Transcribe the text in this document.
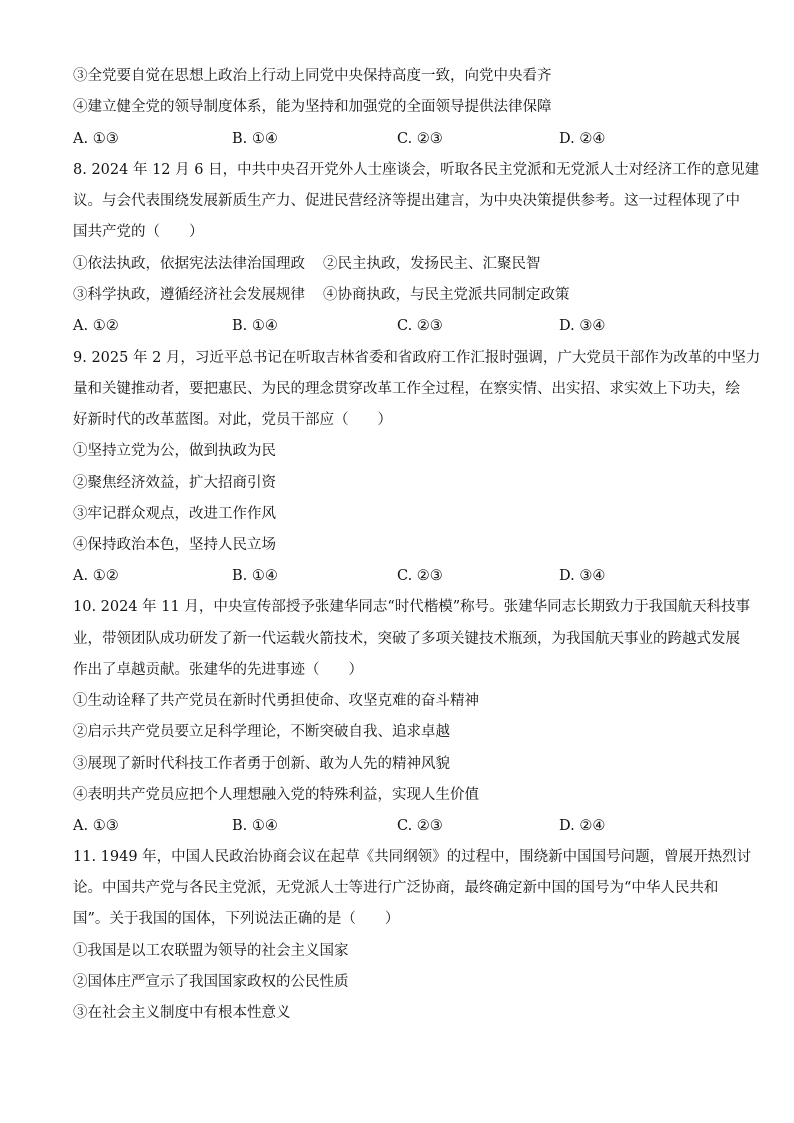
③全党要自觉在思想上政治上行动上同党中央保持高度一致，向党中央看齐
④建立健全党的领导制度体系，能为坚持和加强党的全面领导提供法律保障
A. ①③	B. ①④	C. ②③	D. ②④
8. 2024 年 12 月 6 日，中共中央召开党外人士座谈会，听取各民主党派和无党派人士对经济工作的意见建
议。与会代表围绕发展新质生产力、促进民营经济等提出建言，为中央决策提供参考。这一过程体现了中
国共产党的（　　）
①依法执政，依据宪法法律治国理政 ②民主执政，发扬民主、汇聚民智
③科学执政，遵循经济社会发展规律 ④协商执政，与民主党派共同制定政策
A. ①②	B. ①④	C. ②③	D. ③④
9. 2025 年 2 月，习近平总书记在听取吉林省委和省政府工作汇报时强调，广大党员干部作为改革的中坚力
量和关键推动者，要把惠民、为民的理念贯穿改革工作全过程，在察实情、出实招、求实效上下功夫，绘
好新时代的改革蓝图。对此，党员干部应（　　）
①坚持立党为公，做到执政为民
②聚焦经济效益，扩大招商引资
③牢记群众观点，改进工作作风
④保持政治本色，坚持人民立场
A. ①②	B. ①④	C. ②③	D. ③④
10. 2024 年 11 月，中央宣传部授予张建华同志“时代楷模”称号。张建华同志长期致力于我国航天科技事
业，带领团队成功研发了新一代运载火箭技术，突破了多项关键技术瓶颈，为我国航天事业的跨越式发展
作出了卓越贡献。张建华的先进事迹（　　）
①生动诠释了共产党员在新时代勇担使命、攻坚克难的奋斗精神
②启示共产党员要立足科学理论，不断突破自我、追求卓越
③展现了新时代科技工作者勇于创新、敢为人先的精神风貌
④表明共产党员应把个人理想融入党的特殊利益，实现人生价值
A. ①③	B. ①④	C. ②③	D. ②④
11. 1949 年，中国人民政治协商会议在起草《共同纲领》的过程中，围绕新中国国号问题，曾展开热烈讨
论。中国共产党与各民主党派，无党派人士等进行广泛协商，最终确定新中国的国号为“中华人民共和
国”。关于我国的国体，下列说法正确的是（　　）
①我国是以工农联盟为领导的社会主义国家
②国体庄严宣示了我国国家政权的公民性质
③在社会主义制度中有根本性意义
